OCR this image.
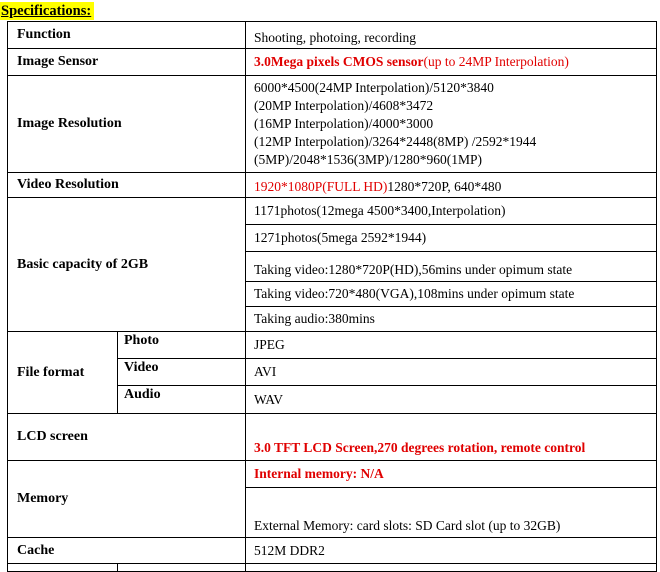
Specifications:
Function		Shooting, photoing, recording
Image Sensor		3.0Mega pixels CMOS sensor(up to 24MP Interpolation)
Image Resolution		6000*4500(24MP Interpolation)/5120*3840
(20MP Interpolation)/4608*3472
(16MP Interpolation)/4000*3000
(12MP Interpolation)/3264*2448(8MP) /2592*1944
(5MP)/2048*1536(3MP)/1280*960(1MP)

Video Resolution		1920*1080P(FULL HD)1280*720P, 640*480
Basic capacity of 2GB		1171photos(12mega 4500*3400,Interpolation)
		1271photos(5mega 2592*1944)
		Taking video:1280*720P(HD),56mins under opimum state
		Taking video:720*480(VGA),108mins under opimum state
		Taking audio:380mins
File format	Photo	JPEG
	Video	AVI
	Audio	WAV
LCD screen		3.0 TFT LCD Screen,270 degrees rotation, remote control
Memory		Internal memory: N/A
		External Memory: card slots: SD Card slot (up to 32GB)
Cache		512M DDR2
